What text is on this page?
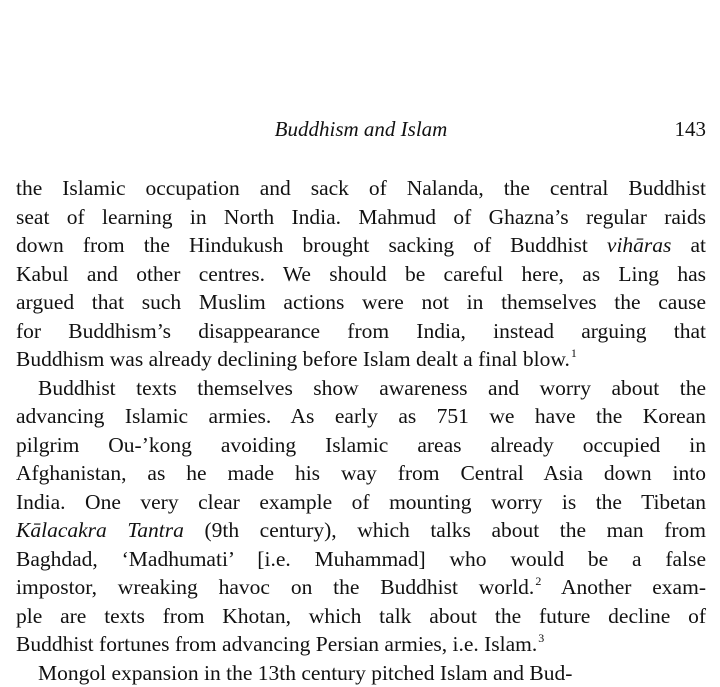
Buddhism and Islam	143
the Islamic occupation and sack of Nalanda, the central Buddhist
seat of learning in North India. Mahmud of Ghazna’s regular raids
down from the Hindukush brought sacking of Buddhist vihāras at
Kabul and other centres. We should be careful here, as Ling has
argued that such Muslim actions were not in themselves the cause
for Buddhism’s disappearance from India, instead arguing that
Buddhism was already declining before Islam dealt a final blow.$^1$
Buddhist texts themselves show awareness and worry about the
advancing Islamic armies. As early as 751 we have the Korean
pilgrim Ou-’kong avoiding Islamic areas already occupied in
Afghanistan, as he made his way from Central Asia down into
India. One very clear example of mounting worry is the Tibetan
Kālacakra Tantra (9th century), which talks about the man from
Baghdad, ‘Madhumati’ [i.e. Muhammad] who would be a false
impostor, wreaking havoc on the Buddhist world.$^2$ Another exam-
ple are texts from Khotan, which talk about the future decline of
Buddhist fortunes from advancing Persian armies, i.e. Islam.$^3$
Mongol expansion in the 13th century pitched Islam and Bud-
